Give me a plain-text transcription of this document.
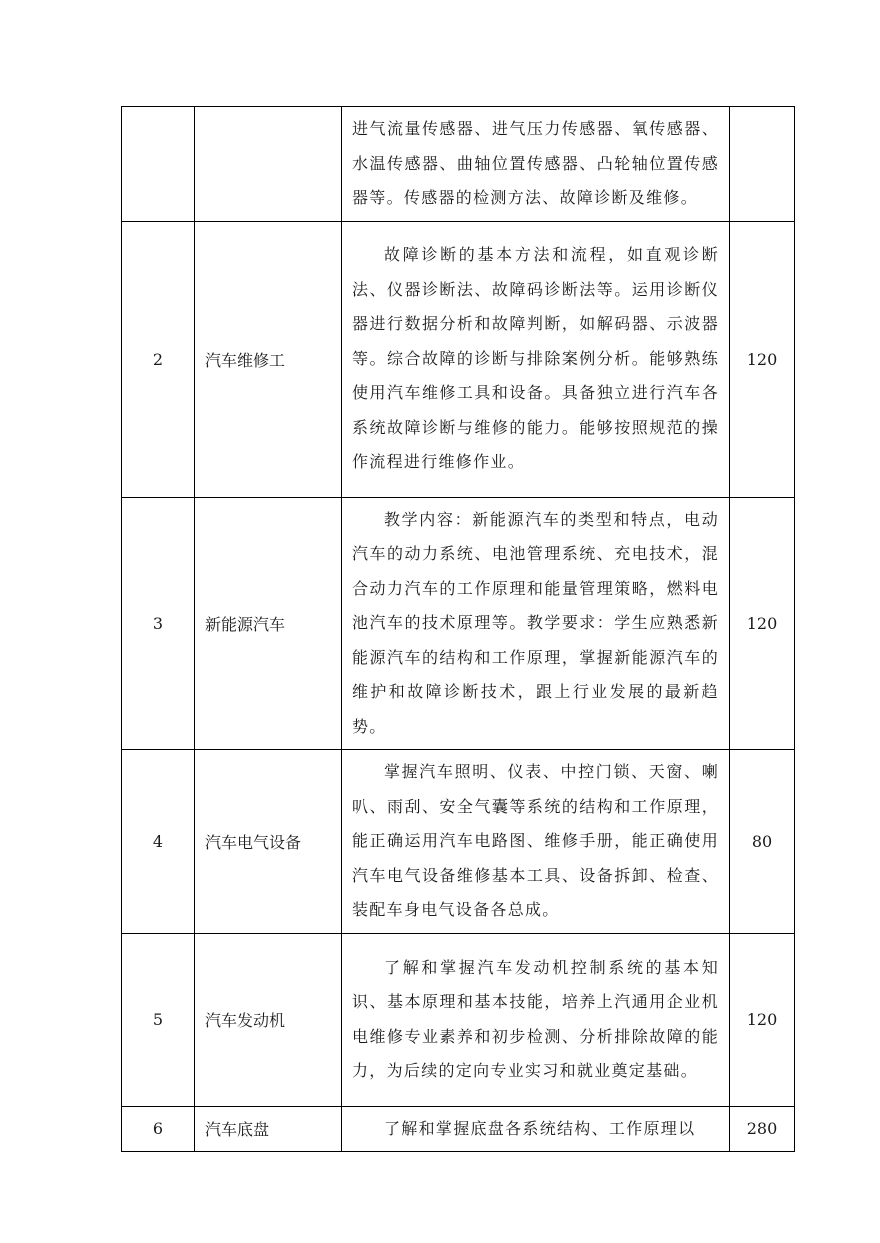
		进气流量传感器、进气压力传感器、氧传感器、水温传感器、曲轴位置传感器、凸轮轴位置传感器等。传感器的检测方法、故障诊断及维修。	

2	汽车维修工	故障诊断的基本方法和流程，如直观诊断法、仪器诊断法、故障码诊断法等。运用诊断仪器进行数据分析和故障判断，如解码器、示波器等。综合故障的诊断与排除案例分析。能够熟练使用汽车维修工具和设备。具备独立进行汽车各系统故障诊断与维修的能力。能够按照规范的操作流程进行维修作业。	120
3	新能源汽车	教学内容：新能源汽车的类型和特点，电动汽车的动力系统、电池管理系统、充电技术，混合动力汽车的工作原理和能量管理策略，燃料电池汽车的技术原理等。教学要求：学生应熟悉新能源汽车的结构和工作原理，掌握新能源汽车的维护和故障诊断技术，跟上行业发展的最新趋势。	120
4	汽车电气设备	掌握汽车照明、仪表、中控门锁、天窗、喇叭、雨刮、安全气囊等系统的结构和工作原理，能正确运用汽车电路图、维修手册，能正确使用汽车电气设备维修基本工具、设备拆卸、检查、装配车身电气设备各总成。	80
5	汽车发动机	了解和掌握汽车发动机控制系统的基本知识、基本原理和基本技能，培养上汽通用企业机电维修专业素养和初步检测、分析排除故障的能力，为后续的定向专业实习和就业奠定基础。	120
6	汽车底盘	了解和掌握底盘各系统结构、工作原理以	280
